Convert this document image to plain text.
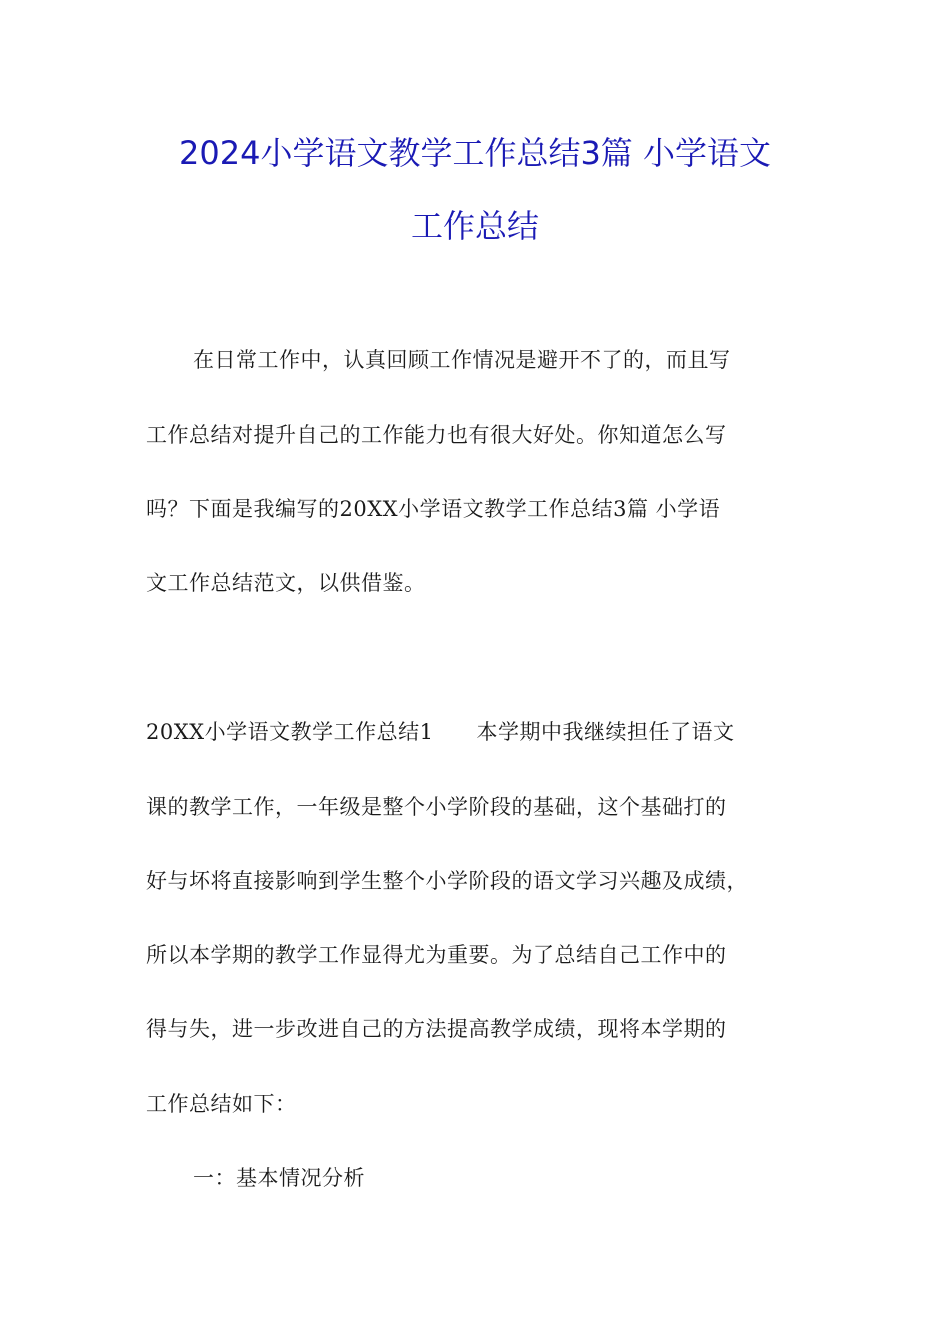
2024小学语文教学工作总结3篇 小学语文
工作总结
在日常工作中，认真回顾工作情况是避开不了的，而且写
工作总结对提升自己的工作能力也有很大好处。你知道怎么写
吗？下面是我编写的20XX小学语文教学工作总结3篇 小学语
文工作总结范文，以供借鉴。
20XX小学语文教学工作总结1　　本学期中我继续担任了语文
课的教学工作，一年级是整个小学阶段的基础，这个基础打的
好与坏将直接影响到学生整个小学阶段的语文学习兴趣及成绩，
所以本学期的教学工作显得尤为重要。为了总结自己工作中的
得与失，进一步改进自己的方法提高教学成绩，现将本学期的
工作总结如下：
一：基本情况分析
